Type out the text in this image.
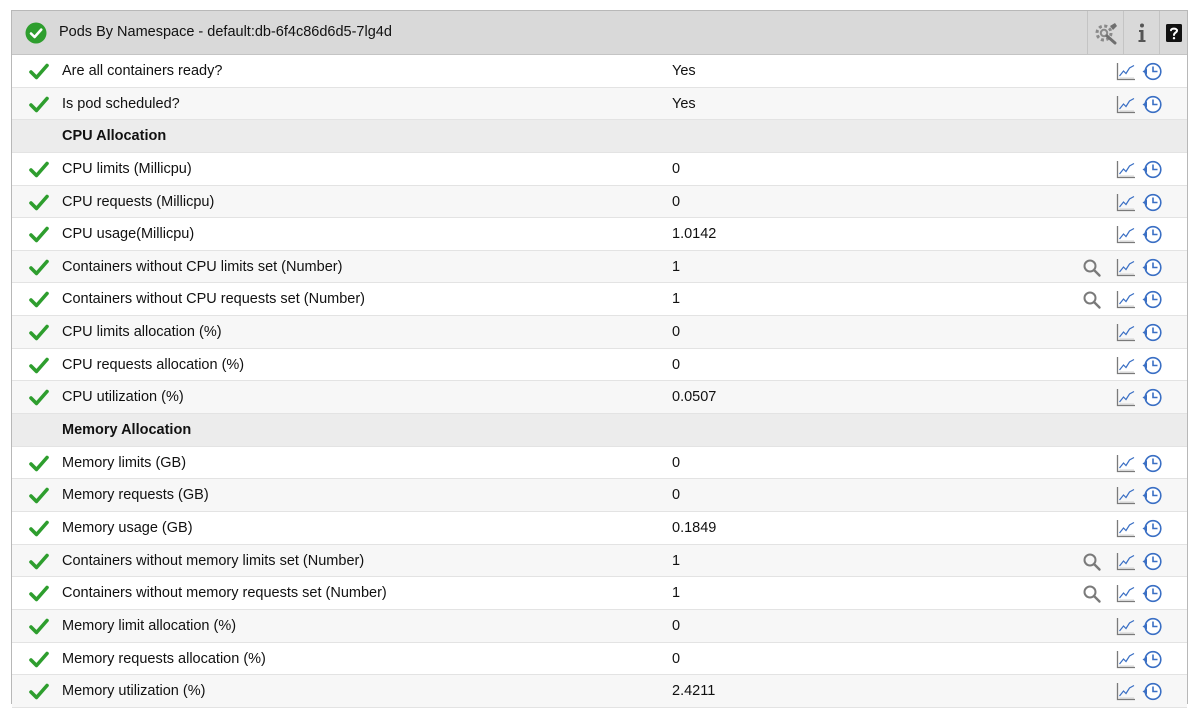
Pods By Namespace - default:db-6f4c86d6d5-7lg4d
Are all containers ready?	Yes
Is pod scheduled?	Yes
CPU Allocation
CPU limits (Millicpu)	0
CPU requests (Millicpu)	0
CPU usage(Millicpu)	1.0142
Containers without CPU limits set (Number)	1
Containers without CPU requests set (Number)	1
CPU limits allocation (%)	0
CPU requests allocation (%)	0
CPU utilization (%)	0.0507
Memory Allocation
Memory limits (GB)	0
Memory requests (GB)	0
Memory usage (GB)	0.1849
Containers without memory limits set (Number)	1
Containers without memory requests set (Number)	1
Memory limit allocation (%)	0
Memory requests allocation (%)	0
Memory utilization (%)	2.4211
